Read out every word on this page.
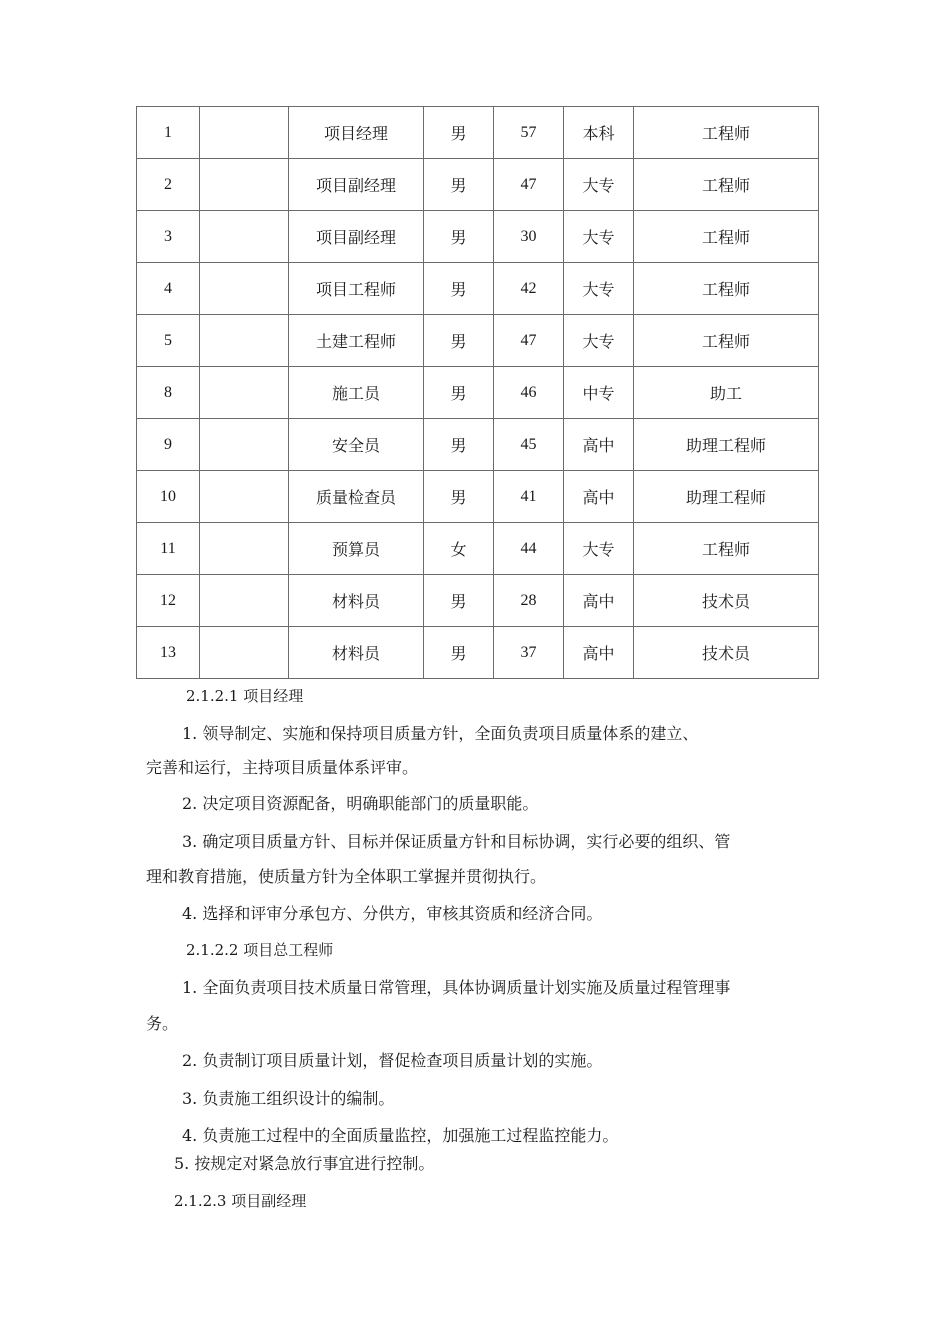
1		项目经理	男	57	本科	工程师
2		项目副经理	男	47	大专	工程师
3		项目副经理	男	30	大专	工程师
4		项目工程师	男	42	大专	工程师
5		土建工程师	男	47	大专	工程师
8		施工员	男	46	中专	助工
9		安全员	男	45	高中	助理工程师
10		质量检查员	男	41	高中	助理工程师
11		预算员	女	44	大专	工程师
12		材料员	男	28	高中	技术员
13		材料员	男	37	高中	技术员
2.1.2.1 项目经理
1. 领导制定、实施和保持项目质量方针，全面负责项目质量体系的建立、
完善和运行，主持项目质量体系评审。
2. 决定项目资源配备，明确职能部门的质量职能。
3. 确定项目质量方针、目标并保证质量方针和目标协调，实行必要的组织、管
理和教育措施，使质量方针为全体职工掌握并贯彻执行。
4. 选择和评审分承包方、分供方，审核其资质和经济合同。
2.1.2.2 项目总工程师
1. 全面负责项目技术质量日常管理，具体协调质量计划实施及质量过程管理事
务。
2. 负责制订项目质量计划，督促检查项目质量计划的实施。
3. 负责施工组织设计的编制。
4. 负责施工过程中的全面质量监控，加强施工过程监控能力。
5. 按规定对紧急放行事宜进行控制。
2.1.2.3 项目副经理
